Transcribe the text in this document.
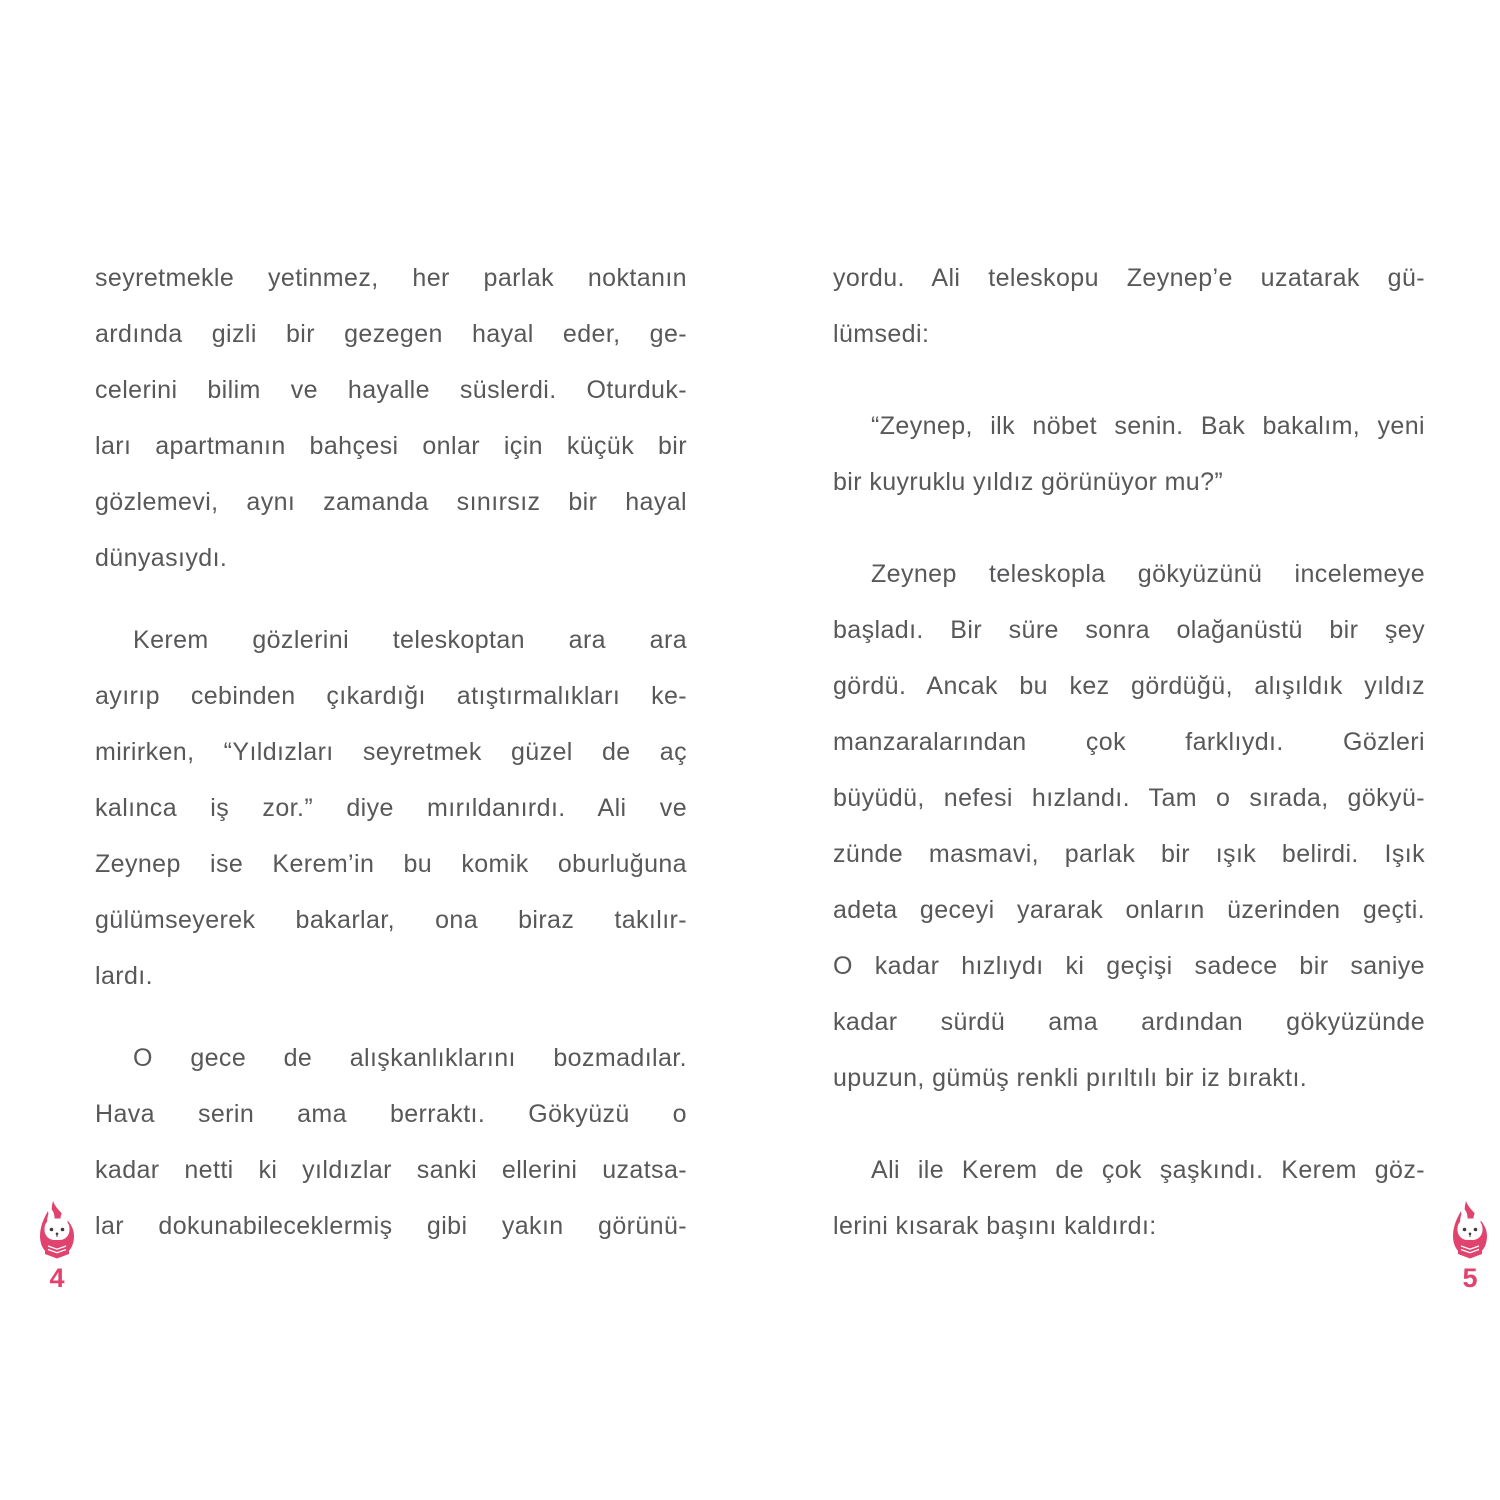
seyretmekle yetinmez, her parlak noktanın
ardında gizli bir gezegen hayal eder, ge-
celerini bilim ve hayalle süslerdi. Oturduk-
ları apartmanın bahçesi onlar için küçük bir
gözlemevi, aynı zamanda sınırsız bir hayal
dünyasıydı.
Kerem gözlerini teleskoptan ara ara
ayırıp cebinden çıkardığı atıştırmalıkları ke-
mirirken, “Yıldızları seyretmek güzel de aç
kalınca iş zor.” diye mırıldanırdı. Ali ve
Zeynep ise Kerem’in bu komik oburluğuna
gülümseyerek bakarlar, ona biraz takılır-
lardı.
O gece de alışkanlıklarını bozmadılar.
Hava serin ama berraktı. Gökyüzü o
kadar netti ki yıldızlar sanki ellerini uzatsa-
lar dokunabileceklermiş gibi yakın görünü-
yordu. Ali teleskopu Zeynep’e uzatarak gü-
lümsedi:
“Zeynep, ilk nöbet senin. Bak bakalım, yeni
bir kuyruklu yıldız görünüyor mu?”
Zeynep teleskopla gökyüzünü incelemeye
başladı. Bir süre sonra olağanüstü bir şey
gördü. Ancak bu kez gördüğü, alışıldık yıldız
manzaralarından çok farklıydı. Gözleri
büyüdü, nefesi hızlandı. Tam o sırada, gökyü-
zünde masmavi, parlak bir ışık belirdi. Işık
adeta geceyi yararak onların üzerinden geçti.
O kadar hızlıydı ki geçişi sadece bir saniye
kadar sürdü ama ardından gökyüzünde
upuzun, gümüş renkli pırıltılı bir iz bıraktı.
Ali ile Kerem de çok şaşkındı. Kerem göz-
lerini kısarak başını kaldırdı:
4	5
